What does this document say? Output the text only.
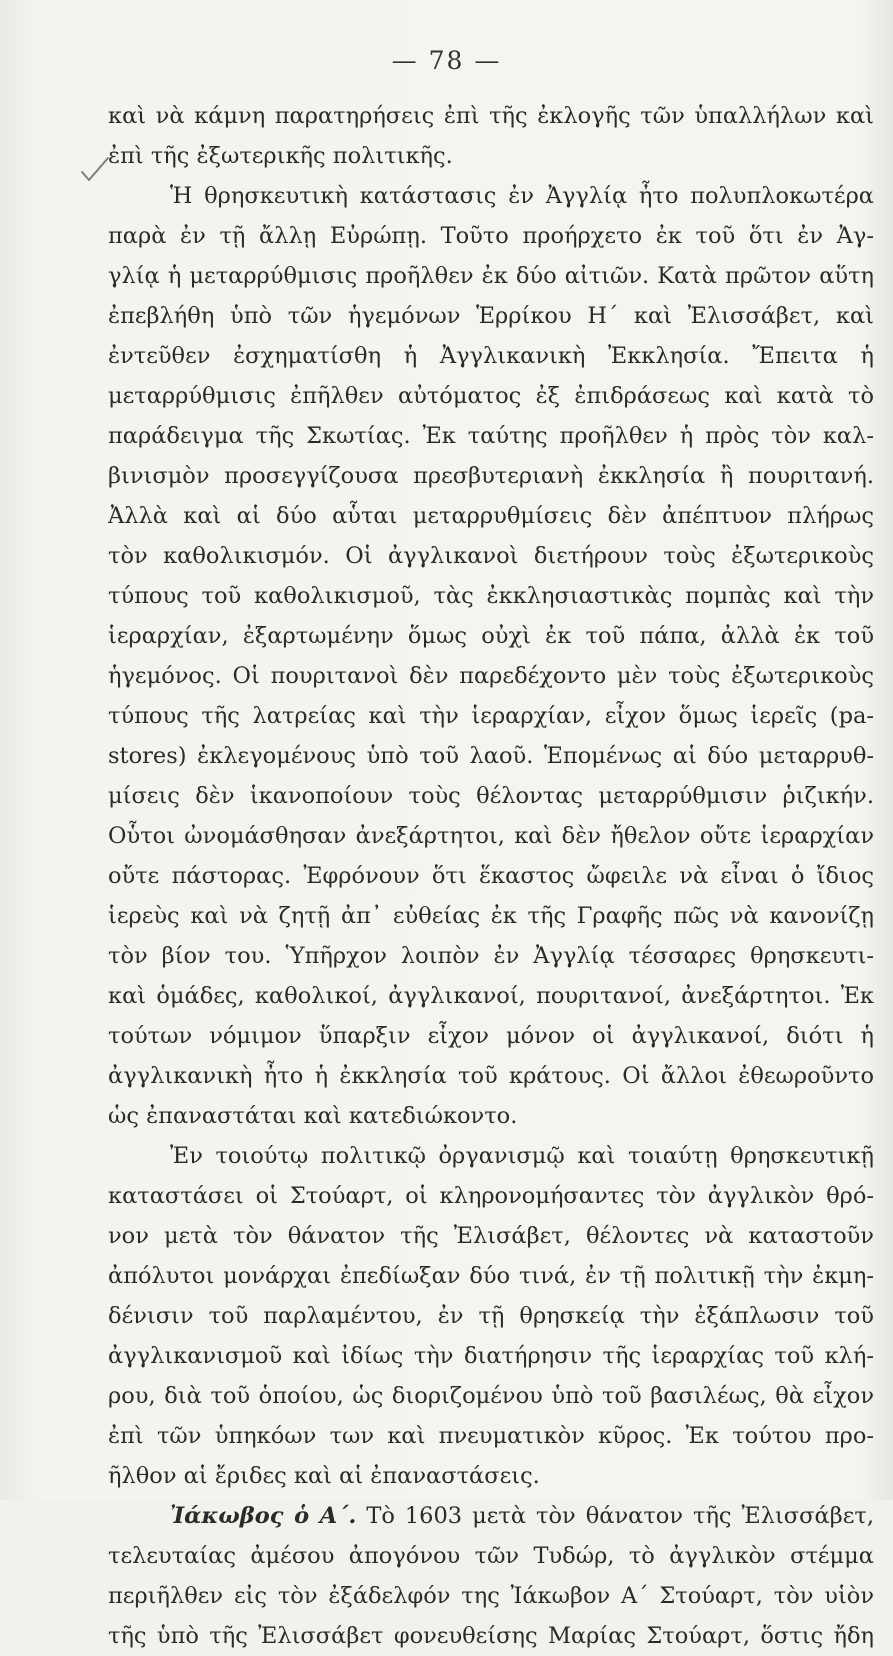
— 78 —
καὶ νὰ κάμνη παρατηρήσεις ἐπὶ τῆς ἐκλογῆς τῶν ὑπαλλήλων καὶ
ἐπὶ τῆς ἐξωτερικῆς πολιτικῆς.
Ἡ θρησκευτικὴ κατάστασις ἐν Ἀγγλίᾳ ἦτο πολυπλοκωτέρα
παρὰ ἐν τῇ ἄλλῃ Εὐρώπῃ. Τοῦτο προήρχετο ἐκ τοῦ ὅτι ἐν Ἀγ-
γλίᾳ ἡ μεταρρύθμισις προῆλθεν ἐκ δύο αἰτιῶν. Κατὰ πρῶτον αὕτη
ἐπεβλήθη ὑπὸ τῶν ἡγεμόνων Ἑρρίκου Η΄ καὶ Ἐλισσάβετ, καὶ
ἐντεῦθεν ἐσχηματίσθη ἡ Ἀγγλικανικὴ Ἐκκλησία. Ἔπειτα ἡ
μεταρρύθμισις ἐπῆλθεν αὐτόματος ἐξ ἐπιδράσεως καὶ κατὰ τὸ
παράδειγμα τῆς Σκωτίας. Ἐκ ταύτης προῆλθεν ἡ πρὸς τὸν καλ-
βινισμὸν προσεγγίζουσα πρεσβυτεριανὴ ἐκκλησία ἢ πουριτανή.
Ἀλλὰ καὶ αἱ δύο αὗται μεταρρυθμίσεις δὲν ἀπέπτυον πλήρως
τὸν καθολικισμόν. Οἱ ἀγγλικανοὶ διετήρουν τοὺς ἐξωτερικοὺς
τύπους τοῦ καθολικισμοῦ, τὰς ἐκκλησιαστικὰς πομπὰς καὶ τὴν
ἱεραρχίαν, ἐξαρτωμένην ὅμως οὐχὶ ἐκ τοῦ πάπα, ἀλλὰ ἐκ τοῦ
ἡγεμόνος. Οἱ πουριτανοὶ δὲν παρεδέχοντο μὲν τοὺς ἐξωτερικοὺς
τύπους τῆς λατρείας καὶ τὴν ἱεραρχίαν, εἶχον ὅμως ἱερεῖς (pa-
stores) ἐκλεγομένους ὑπὸ τοῦ λαοῦ. Ἑπομένως αἱ δύο μεταρρυθ-
μίσεις δὲν ἱκανοποίουν τοὺς θέλοντας μεταρρύθμισιν ῥιζικήν.
Οὗτοι ὠνομάσθησαν ἀνεξάρτητοι, καὶ δὲν ἤθελον οὔτε ἱεραρχίαν
οὔτε πάστορας. Ἐφρόνουν ὅτι ἕκαστος ὤφειλε νὰ εἶναι ὁ ἴδιος
ἱερεὺς καὶ νὰ ζητῇ ἀπ᾿ εὐθείας ἐκ τῆς Γραφῆς πῶς νὰ κανονίζῃ
τὸν βίον του. Ὑπῆρχον λοιπὸν ἐν Ἀγγλίᾳ τέσσαρες θρησκευτι-
καὶ ὁμάδες, καθολικοί, ἀγγλικανοί, πουριτανοί, ἀνεξάρτητοι. Ἐκ
τούτων νόμιμον ὕπαρξιν εἶχον μόνον οἱ ἀγγλικανοί, διότι ἡ
ἀγγλικανικὴ ἦτο ἡ ἐκκλησία τοῦ κράτους. Οἱ ἄλλοι ἐθεωροῦντο
ὡς ἐπαναστάται καὶ κατεδιώκοντο.
Ἐν τοιούτῳ πολιτικῷ ὀργανισμῷ καὶ τοιαύτῃ θρησκευτικῇ
καταστάσει οἱ Στούαρτ, οἱ κληρονομήσαντες τὸν ἀγγλικὸν θρό-
νον μετὰ τὸν θάνατον τῆς Ἐλισάβετ, θέλοντες νὰ καταστοῦν
ἀπόλυτοι μονάρχαι ἐπεδίωξαν δύο τινά, ἐν τῇ πολιτικῇ τὴν ἐκμη-
δένισιν τοῦ παρλαμέντου, ἐν τῇ θρησκείᾳ τὴν ἐξάπλωσιν τοῦ
ἀγγλικανισμοῦ καὶ ἰδίως τὴν διατήρησιν τῆς ἱεραρχίας τοῦ κλή-
ρου, διὰ τοῦ ὁποίου, ὡς διοριζομένου ὑπὸ τοῦ βασιλέως, θὰ εἶχον
ἐπὶ τῶν ὑπηκόων των καὶ πνευματικὸν κῦρος. Ἐκ τούτου προ-
ῆλθον αἱ ἔριδες καὶ αἱ ἐπαναστάσεις.
Ἰάκωβος ὁ Α΄. Τὸ 1603 μετὰ τὸν θάνατον τῆς Ἐλισσάβετ,
τελευταίας ἀμέσου ἀπογόνου τῶν Τυδώρ, τὸ ἀγγλικὸν στέμμα
περιῆλθεν εἰς τὸν ἐξάδελφόν της Ἰάκωβον Α΄ Στούαρτ, τὸν υἱὸν
τῆς ὑπὸ τῆς Ἐλισσάβετ φονευθείσης Μαρίας Στούαρτ, ὅστις ἤδη
